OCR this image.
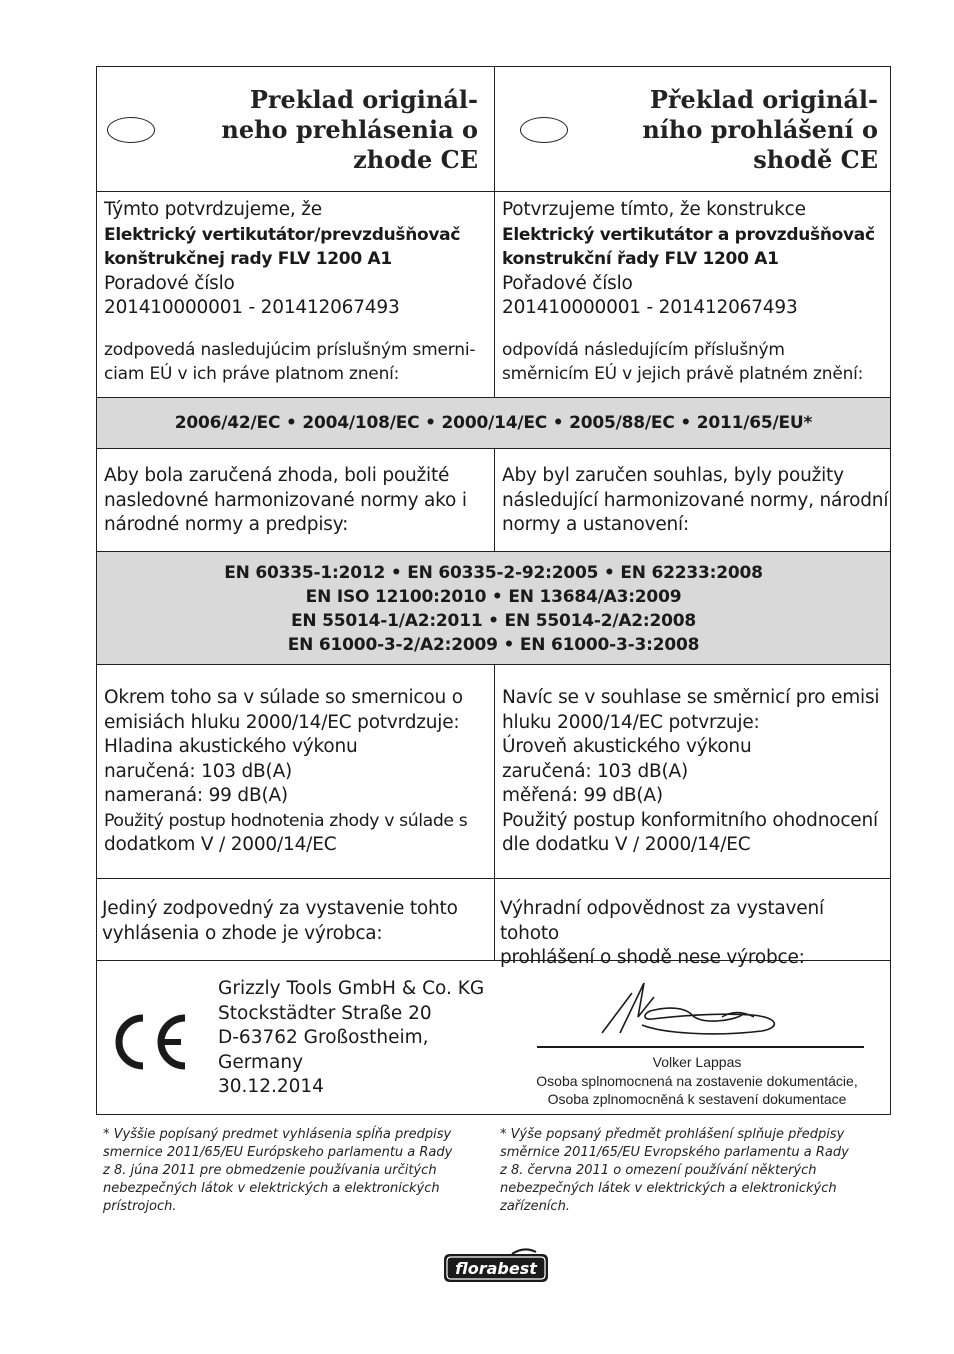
Preklad originál-
neho prehlásenia o
zhode CE
Překlad originál-
ního prohlášení o
shodě CE
Týmto potvrdzujeme, že
Elektrický vertikutátor/prevzdušňovač
konštrukčnej rady FLV 1200 A1
Poradové číslo
201410000001 - 201412067493
zodpovedá nasledujúcim príslušným smerni-
ciam EÚ v ich práve platnom znení:
Potvrzujeme tímto, že konstrukce
Elektrický vertikutátor a provzdušňovač
konstrukční řady FLV 1200 A1
Pořadové číslo
201410000001 - 201412067493
odpovídá následujícím příslušným
směrnicím EÚ v jejich právě platném znění:
2006/42/EC • 2004/108/EC • 2000/14/EC • 2005/88/EC • 2011/65/EU*
Aby bola zaručená zhoda, boli použité
nasledovné harmonizované normy ako i
národné normy a predpisy:
Aby byl zaručen souhlas, byly použity
následující harmonizované normy, národní
normy a ustanovení:
EN 60335-1:2012 • EN 60335-2-92:2005 • EN 62233:2008
EN ISO 12100:2010 • EN 13684/A3:2009
EN 55014-1/A2:2011 • EN 55014-2/A2:2008
EN 61000-3-2/A2:2009 • EN 61000-3-3:2008
Okrem toho sa v súlade so smernicou o
emisiách hluku 2000/14/EC potvrdzuje:
Hladina akustického výkonu
naručená: 103 dB(A)
nameraná: 99 dB(A)
Použitý postup hodnotenia zhody v súlade s
dodatkom V / 2000/14/EC
Navíc se v souhlase se směrnicí pro emisi
hluku 2000/14/EC potvrzuje:
Úroveň akustického výkonu
zaručená: 103 dB(A)
měřená: 99 dB(A)
Použitý postup konformitního ohodnocení
dle dodatku V / 2000/14/EC
Jediný zodpovedný za vystavenie tohto
vyhlásenia o zhode je výrobca:
Výhradní odpovědnost za vystavení tohoto
prohlášení o shodě nese výrobce:
Grizzly Tools GmbH & Co. KG
Stockstädter Straße 20
D-63762 Großostheim,
Germany
30.12.2014
Volker Lappas
Osoba splnomocnená na zostavenie dokumentácie,
Osoba zplnomocněná k sestavení dokumentace
* Vyššie popísaný predmet vyhlásenia spĺňa predpisy
smernice 2011/65/EU Európskeho parlamentu a Rady
z 8. júna 2011 pre obmedzenie používania určitých
nebezpečných látok v elektrických a elektronických
prístrojoch.
* Výše popsaný předmět prohlášení splňuje předpisy
směrnice 2011/65/EU Evropského parlamentu a Rady
z 8. června 2011 o omezení používání některých
nebezpečných látek v elektrických a elektronických
zařízeních.
florabest
